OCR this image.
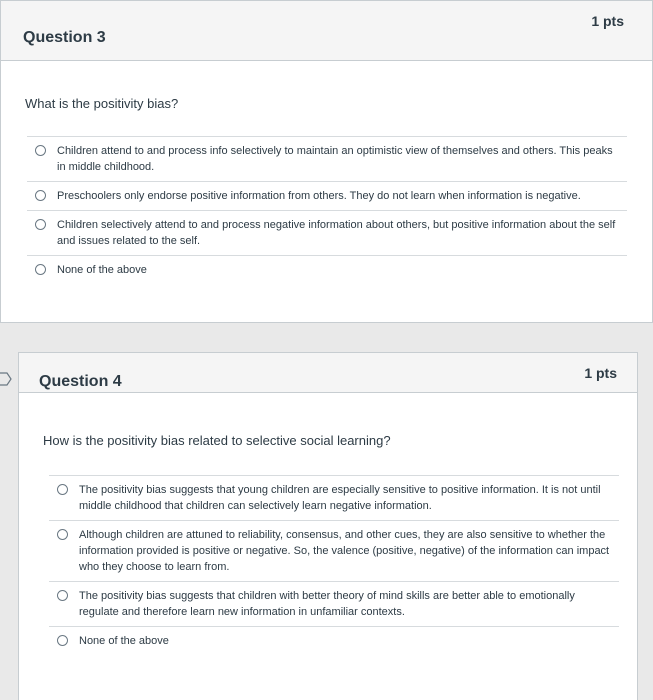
Question 3
1 pts
What is the positivity bias?
Children attend to and process info selectively to maintain an optimistic view of themselves and others. This peaks in middle childhood.
Preschoolers only endorse positive information from others. They do not learn when information is negative.
Children selectively attend to and process negative information about others, but positive information about the self and issues related to the self.
None of the above
Question 4	1 pts
How is the positivity bias related to selective social learning?
The positivity bias suggests that young children are especially sensitive to positive information. It is not until middle childhood that children can selectively learn negative information.
Although children are attuned to reliability, consensus, and other cues, they are also sensitive to whether the information provided is positive or negative. So, the valence (positive, negative) of the information can impact who they choose to learn from.
The positivity bias suggests that children with better theory of mind skills are better able to emotionally regulate and therefore learn new information in unfamiliar contexts.
None of the above
